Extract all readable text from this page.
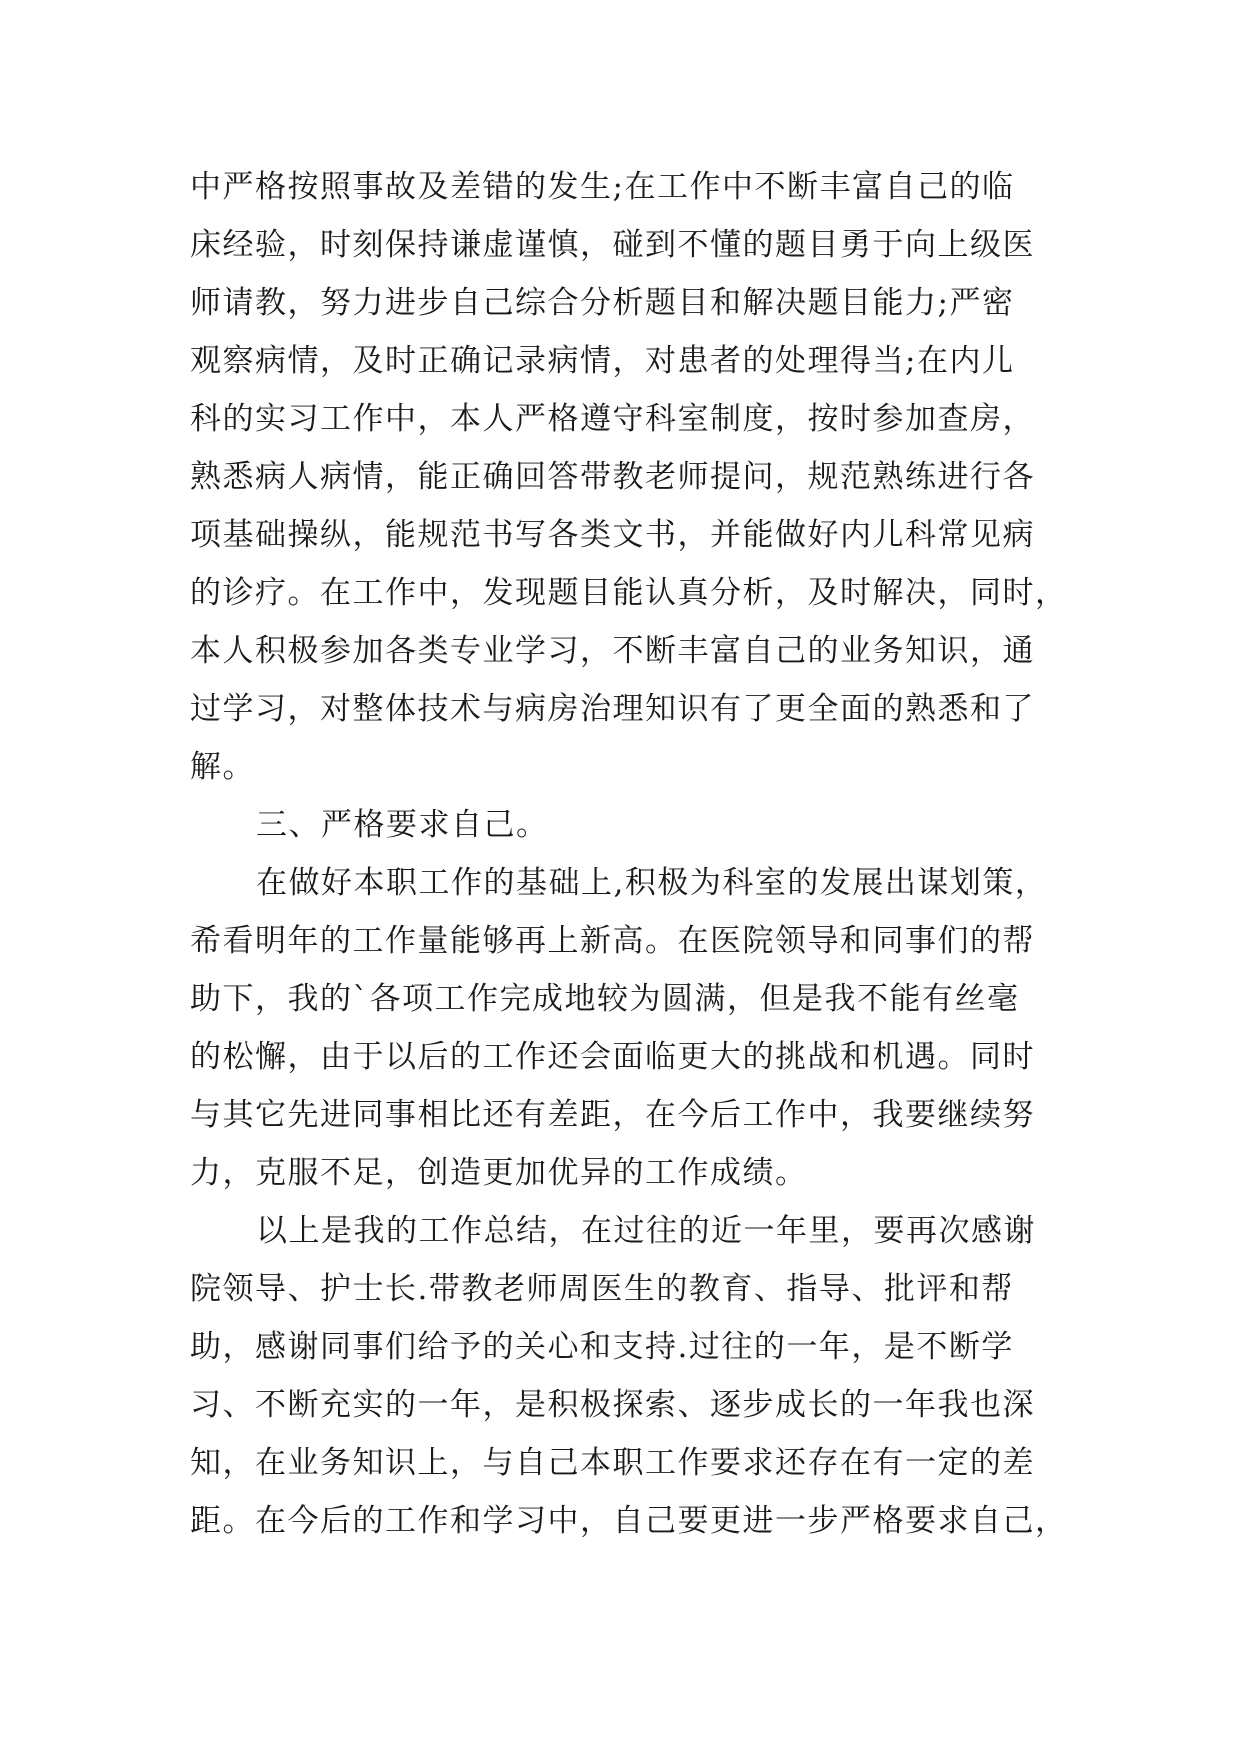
中严格按照事故及差错的发生;在工作中不断丰富自己的临
床经验，时刻保持谦虚谨慎，碰到不懂的题目勇于向上级医
师请教，努力进步自己综合分析题目和解决题目能力;严密
观察病情，及时正确记录病情，对患者的处理得当;在内儿
科的实习工作中，本人严格遵守科室制度，按时参加查房，
熟悉病人病情，能正确回答带教老师提问，规范熟练进行各
项基础操纵，能规范书写各类文书，并能做好内儿科常见病
的诊疗。在工作中，发现题目能认真分析，及时解决，同时，
本人积极参加各类专业学习，不断丰富自己的业务知识，通
过学习，对整体技术与病房治理知识有了更全面的熟悉和了
解。
三、严格要求自己。
在做好本职工作的基础上,积极为科室的发展出谋划策，
希看明年的工作量能够再上新高。在医院领导和同事们的帮
助下，我的`各项工作完成地较为圆满，但是我不能有丝毫
的松懈，由于以后的工作还会面临更大的挑战和机遇。同时
与其它先进同事相比还有差距，在今后工作中，我要继续努
力，克服不足，创造更加优异的工作成绩。
以上是我的工作总结，在过往的近一年里，要再次感谢
院领导、护士长.带教老师周医生的教育、指导、批评和帮
助，感谢同事们给予的关心和支持.过往的一年，是不断学
习、不断充实的一年，是积极探索、逐步成长的一年我也深
知，在业务知识上，与自己本职工作要求还存在有一定的差
距。在今后的工作和学习中，自己要更进一步严格要求自己，
